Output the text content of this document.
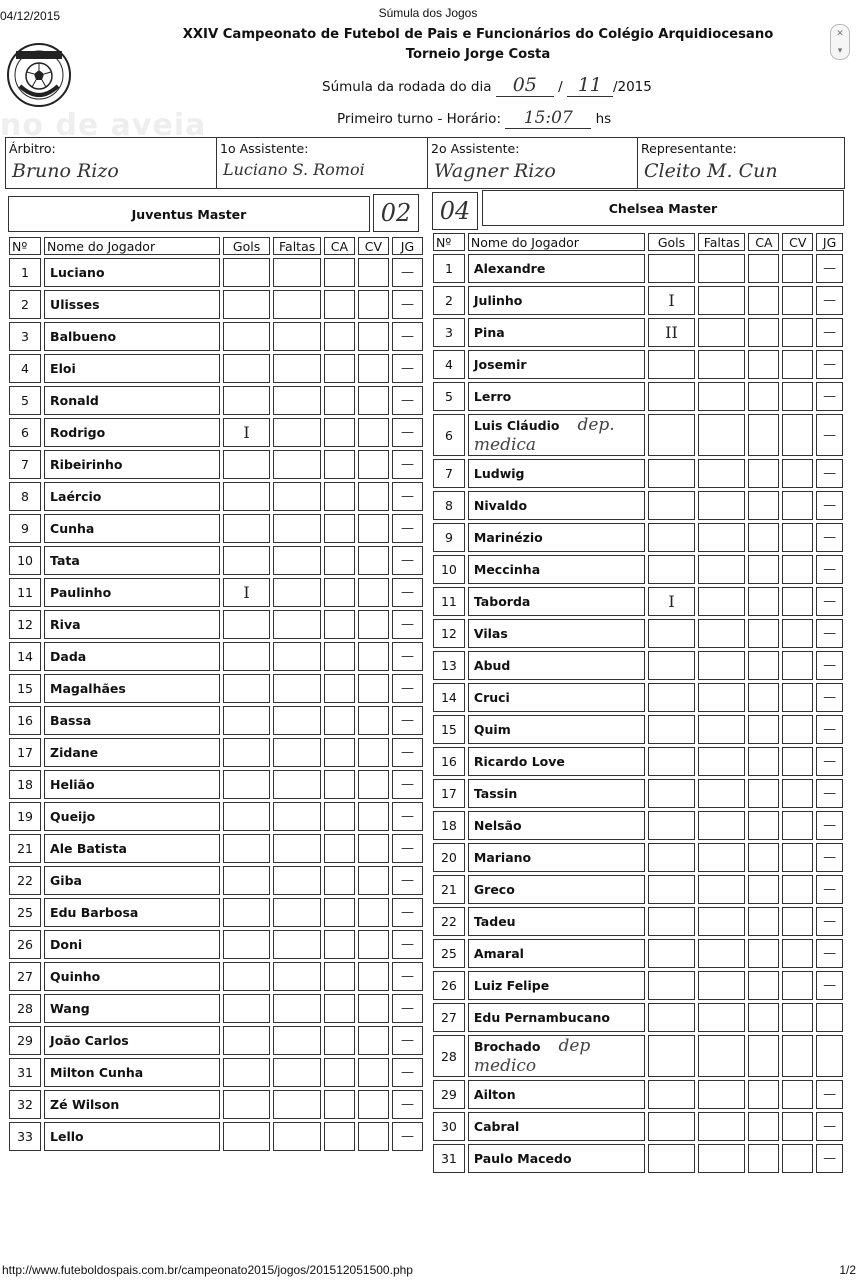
04/12/2015	Súmula dos Jogos
✕
▾
no de aveia
XXIV Campeonato de Futebol de Pais e Funcionários do Colégio Arquidiocesano
Torneio Jorge Costa
Súmula da rodada do dia 05 / 11 /2015
Primeiro turno - Horário: 15:07 hs
Árbitro:
Bruno Rizo
1o Assistente:
Luciano S. Romoi
2o Assistente:
Wagner Rizo
Representante:
Cleito M. Cun
Juventus Master	02	04	Chelsea Master
Nº	Nome do Jogador	Gols	Faltas	CA	CV	JG
1	Luciano					—
2	Ulisses					—
3	Balbueno					—
4	Eloi					—
5	Ronald					—
6	Rodrigo	I				—
7	Ribeirinho					—
8	Laércio					—
9	Cunha					—
10	Tata					—
11	Paulinho	I				—
12	Riva					—
14	Dada					—
15	Magalhães					—
16	Bassa					—
17	Zidane					—
18	Helião					—
19	Queijo					—
21	Ale Batista					—
22	Giba					—
25	Edu Barbosa					—
26	Doni					—
27	Quinho					—
28	Wang					—
29	João Carlos					—
31	Milton Cunha					—
32	Zé Wilson					—
33	Lello					—
Nº	Nome do Jogador	Gols	Faltas	CA	CV	JG
1	Alexandre					—
2	Julinho	I				—
3	Pina	II				—
4	Josemir					—
5	Lerro					—
6	Luis Cláudio dep. medica					—
7	Ludwig					—
8	Nivaldo					—
9	Marinézio					—
10	Meccinha					—
11	Taborda	I				—
12	Vilas					—
13	Abud					—
14	Cruci					—
15	Quim					—
16	Ricardo Love					—
17	Tassin					—
18	Nelsão					—
20	Mariano					—
21	Greco					—
22	Tadeu					—
25	Amaral					—
26	Luiz Felipe					—
27	Edu Pernambucano					
28	Brochado dep medico					
29	Ailton					—
30	Cabral					—
31	Paulo Macedo					—
http://www.futeboldospais.com.br/campeonato2015/jogos/201512051500.php	1/2
